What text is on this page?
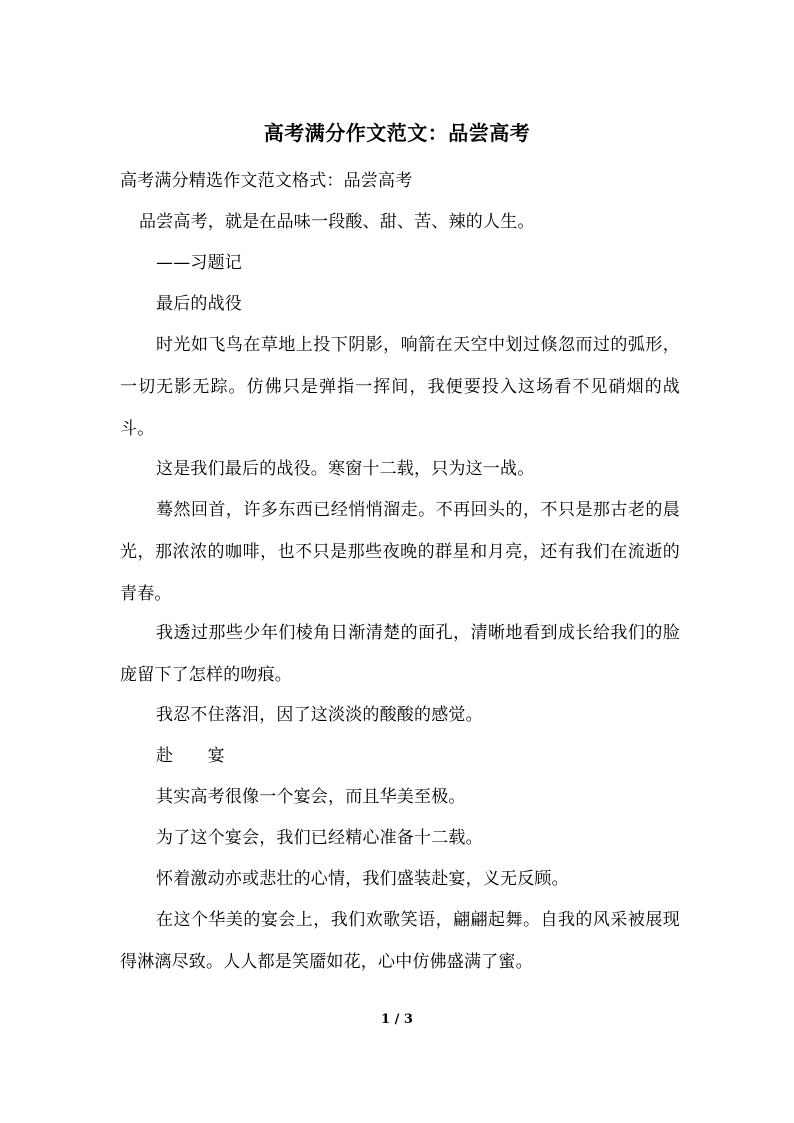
高考满分作文范文：品尝高考
高考满分精选作文范文格式：品尝高考
品尝高考，就是在品味一段酸、甜、苦、辣的人生。
——习题记
最后的战役
时光如飞鸟在草地上投下阴影，响箭在天空中划过倏忽而过的弧形，一切无影无踪。仿佛只是弹指一挥间，我便要投入这场看不见硝烟的战斗。
这是我们最后的战役。寒窗十二载，只为这一战。
蓦然回首，许多东西已经悄悄溜走。不再回头的，不只是那古老的晨光，那浓浓的咖啡，也不只是那些夜晚的群星和月亮，还有我们在流逝的青春。
我透过那些少年们棱角日渐清楚的面孔，清晰地看到成长给我们的脸庞留下了怎样的吻痕。
我忍不住落泪，因了这淡淡的酸酸的感觉。
赴　　宴
其实高考很像一个宴会，而且华美至极。
为了这个宴会，我们已经精心准备十二载。
怀着激动亦或悲壮的心情，我们盛装赴宴，义无反顾。
在这个华美的宴会上，我们欢歌笑语，翩翩起舞。自我的风采被展现得淋漓尽致。人人都是笑靥如花，心中仿佛盛满了蜜。
1 / 3
